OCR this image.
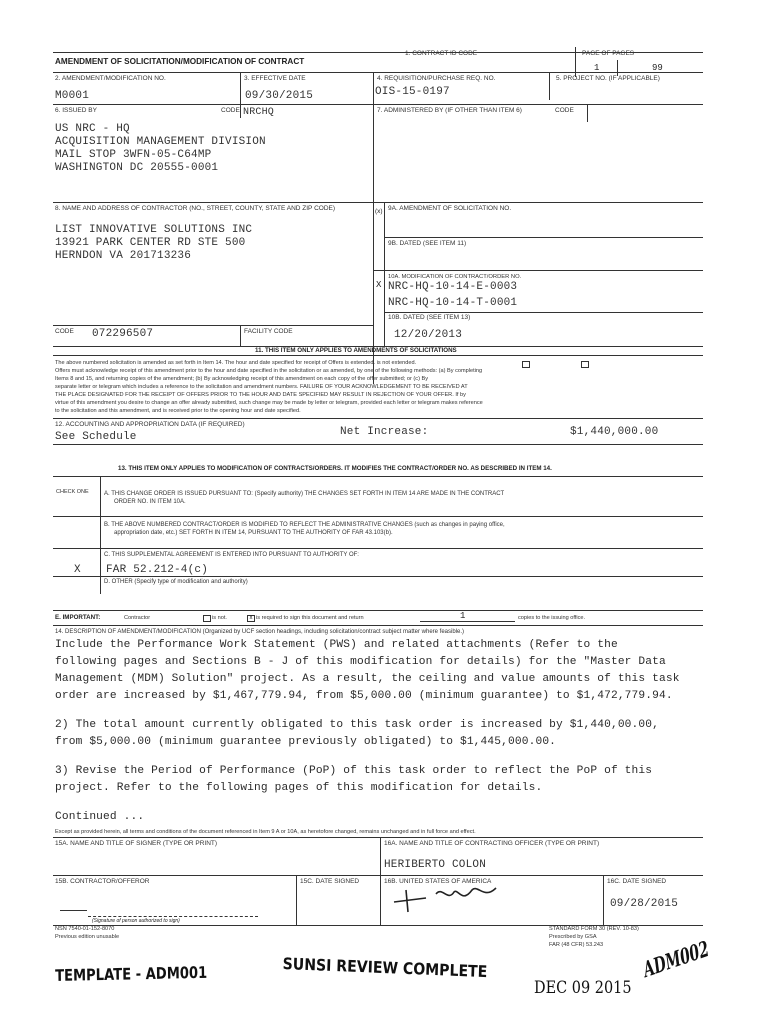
AMENDMENT OF SOLICITATION/MODIFICATION OF CONTRACT
1. CONTRACT ID CODE	PAGE OF PAGES
1	99
2. AMENDMENT/MODIFICATION NO.
M0001
3. EFFECTIVE DATE
09/30/2015
4. REQUISITION/PURCHASE REQ. NO.
OIS-15-0197
5. PROJECT NO. (IF APPLICABLE)
6. ISSUED BY	CODE NRCHQ	7. ADMINISTERED BY (IF OTHER THAN ITEM 6)	CODE
US NRC - HQ
ACQUISITION MANAGEMENT DIVISION
MAIL STOP 3WFN-05-C64MP
WASHINGTON DC 20555-0001
8. NAME AND ADDRESS OF CONTRACTOR (NO., STREET, COUNTY, STATE AND ZIP CODE)
LIST INNOVATIVE SOLUTIONS INC
13921 PARK CENTER RD STE 500
HERNDON VA 201713236
(x) 9A. AMENDMENT OF SOLICITATION NO.
9B. DATED (SEE ITEM 11)
X
10A. MODIFICATION OF CONTRACT/ORDER NO.
NRC-HQ-10-14-E-0003
NRC-HQ-10-14-T-0001
10B. DATED (SEE ITEM 13)
12/20/2013
CODE 072296507	FACILITY CODE
11. THIS ITEM ONLY APPLIES TO AMENDMENTS OF SOLICITATIONS
The above numbered solicitation is amended as set forth in Item 14. The hour and date specified for receipt of Offers is extended. is not extended.
Offers must acknowledge receipt of this amendment prior to the hour and date specified in the solicitation or as amended, by one of the following methods: (a) By completing
Items 8 and 15, and returning copies of the amendment; (b) By acknowledging receipt of this amendment on each copy of the offer submitted; or (c) By
separate letter or telegram which includes a reference to the solicitation and amendment numbers. FAILURE OF YOUR ACKNOWLEDGEMENT TO BE RECEIVED AT
THE PLACE DESIGNATED FOR THE RECEIPT OF OFFERS PRIOR TO THE HOUR AND DATE SPECIFIED MAY RESULT IN REJECTION OF YOUR OFFER. If by
virtue of this amendment you desire to change an offer already submitted, such change may be made by letter or telegram, provided each letter or telegram makes reference
to the solicitation and this amendment, and is received prior to the opening hour and date specified.
12. ACCOUNTING AND APPROPRIATION DATA (IF REQUIRED)
See Schedule	Net Increase:	$1,440,000.00
13. THIS ITEM ONLY APPLIES TO MODIFICATION OF CONTRACTS/ORDERS. IT MODIFIES THE CONTRACT/ORDER NO. AS DESCRIBED IN ITEM 14.
CHECK ONE	A. THIS CHANGE ORDER IS ISSUED PURSUANT TO: (Specify authority) THE CHANGES SET FORTH IN ITEM 14 ARE MADE IN THE CONTRACT
ORDER NO. IN ITEM 10A.
B. THE ABOVE NUMBERED CONTRACT/ORDER IS MODIFIED TO REFLECT THE ADMINISTRATIVE CHANGES (such as changes in paying office,
appropriation date, etc.) SET FORTH IN ITEM 14, PURSUANT TO THE AUTHORITY OF FAR 43.103(b).
C. THIS SUPPLEMENTAL AGREEMENT IS ENTERED INTO PURSUANT TO AUTHORITY OF:
X FAR 52.212-4(c)
D. OTHER (Specify type of modification and authority)
E. IMPORTANT:	Contractor	is not.	x is required to sign this document and return	1	copies to the issuing office.
14. DESCRIPTION OF AMENDMENT/MODIFICATION (Organized by UCF section headings, including solicitation/contract subject matter where feasible.)
Include the Performance Work Statement (PWS) and related attachments (Refer to the
following pages and Sections B - J of this modification for details) for the "Master Data
Management (MDM) Solution" project. As a result, the ceiling and value amounts of this task
order are increased by $1,467,779.94, from $5,000.00 (minimum guarantee) to $1,472,779.94.
2) The total amount currently obligated to this task order is increased by $1,440,00.00,
from $5,000.00 (minimum guarantee previously obligated) to $1,445,000.00.
3) Revise the Period of Performance (PoP) of this task order to reflect the PoP of this
project. Refer to the following pages of this modification for details.
Continued ...
Except as provided herein, all terms and conditions of the document referenced in Item 9 A or 10A, as heretofore changed, remains unchanged and in full force and effect.
15A. NAME AND TITLE OF SIGNER (TYPE OR PRINT)	16A. NAME AND TITLE OF CONTRACTING OFFICER (TYPE OR PRINT)
HERIBERTO COLON
15B. CONTRACTOR/OFFEROR	15C. DATE SIGNED	16B. UNITED STATES OF AMERICA	16C. DATE SIGNED
09/28/2015
(Signature of person authorized to sign)
NSN 7540-01-152-8070
Previous edition unusable
STANDARD FORM 30 (REV. 10-83)
Prescribed by GSA
FAR (48 CFR) 53.243
TEMPLATE - ADM001	SUNSI REVIEW COMPLETE
DEC 09 2015
ADM002
